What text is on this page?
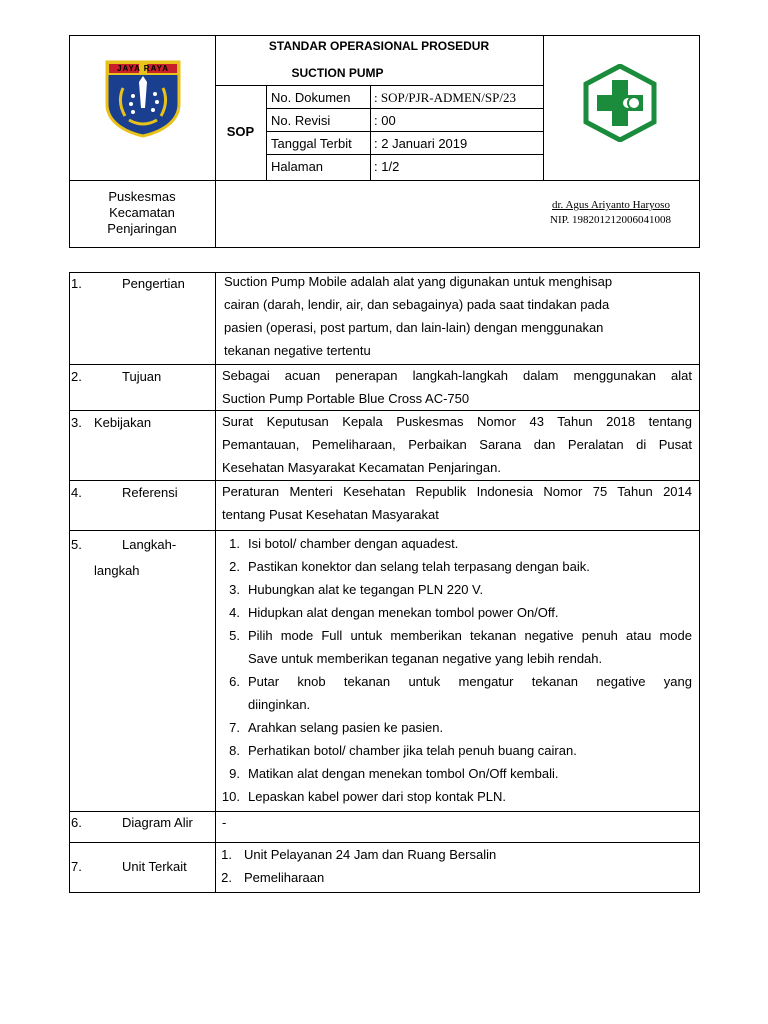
JAYA RAYA
STANDAR OPERASIONAL PROSEDUR
SUCTION PUMP
SOP
No. Dokumen : SOP/PJR-ADMEN/SP/23
No. Revisi	: 00
Tanggal Terbit : 2 Januari 2019
Halaman	: 1/2
Puskesmas
Kecamatan
Penjaringan
dr. Agus Ariyanto Haryoso
NIP. 198201212006041008
1.	Pengertian	Suction Pump Mobile adalah alat yang digunakan untuk menghisap
cairan (darah, lendir, air, dan sebagainya) pada saat tindakan pada
pasien (operasi, post partum, dan lain-lain) dengan menggunakan
tekanan negative tertentu
2.	Tujuan	Sebagai acuan penerapan langkah-langkah dalam menggunakan alat
Suction Pump Portable Blue Cross AC-750
3. Kebijakan	Surat Keputusan Kepala Puskesmas Nomor 43 Tahun 2018 tentang
Pemantauan, Pemeliharaan, Perbaikan Sarana dan Peralatan di Pusat
Kesehatan Masyarakat Kecamatan Penjaringan.
4.	Referensi	Peraturan Menteri Kesehatan Republik Indonesia Nomor 75 Tahun 2014
tentang Pusat Kesehatan Masyarakat
5.	Langkah-
langkah
1. Isi botol/ chamber dengan aquadest.
2. Pastikan konektor dan selang telah terpasang dengan baik.
3. Hubungkan alat ke tegangan PLN 220 V.
4. Hidupkan alat dengan menekan tombol power On/Off.
5. Pilih mode Full untuk memberikan tekanan negative penuh atau mode
Save untuk memberikan teganan negative yang lebih rendah.
6. Putar knob tekanan untuk mengatur tekanan negative yang
diinginkan.
7. Arahkan selang pasien ke pasien.
8. Perhatikan botol/ chamber jika telah penuh buang cairan.
9. Matikan alat dengan menekan tombol On/Off kembali.
10. Lepaskan kabel power dari stop kontak PLN.
6.	Diagram Alir -
7.	Unit Terkait
1. Unit Pelayanan 24 Jam dan Ruang Bersalin
2. Pemeliharaan
